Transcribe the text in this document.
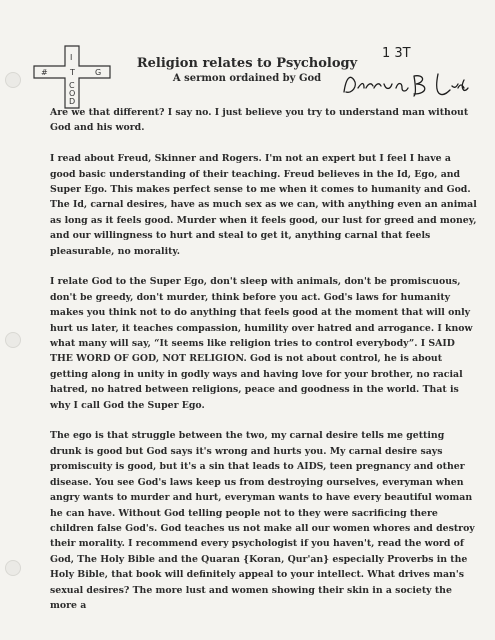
I
#	T	G
C
O
D

Religion relates to Psychology

A sermon ordained by God

1 3T

Are we that different? I say no. I just believe you try to understand man without God and his word.

I read about Freud, Skinner and Rogers. I'm not an expert but I feel I have a good basic understanding of their teaching. Freud believes in the Id, Ego, and Super Ego. This makes perfect sense to me when it comes to humanity and God. The Id, carnal desires, have as much sex as we can, with anything even an animal as long as it feels good. Murder when it feels good, our lust for greed and money, and our willingness to hurt and steal to get it, anything carnal that feels pleasurable, no morality.

I relate God to the Super Ego, don't sleep with animals, don't be promiscuous, don't be greedy, don't murder, think before you act. God's laws for humanity makes you think not to do anything that feels good at the moment that will only hurt us later, it teaches compassion, humility over hatred and arrogance. I know what many will say, “It seems like religion tries to control everybody”. I SAID THE WORD OF GOD, NOT RELIGION. God is not about control, he is about getting along in unity in godly ways and having love for your brother, no racial hatred, no hatred between religions, peace and goodness in the world. That is why I call God the Super Ego.

The ego is that struggle between the two, my carnal desire tells me getting drunk is good but God says it's wrong and hurts you. My carnal desire says promiscuity is good, but it's a sin that leads to AIDS, teen pregnancy and other disease. You see God's laws keep us from destroying ourselves, everyman when angry wants to murder and hurt, everyman wants to have every beautiful woman he can have. Without God telling people not to they were sacrificing there children false God's. God teaches us not make all our women whores and destroy their morality. I recommend every psychologist if you haven't, read the word of God, The Holy Bible and the Quaran {Koran, Qur'an} especially Proverbs in the Holy Bible, that book will definitely appeal to your intellect. What drives man's sexual desires? The more lust and women showing their skin in a society the more a
